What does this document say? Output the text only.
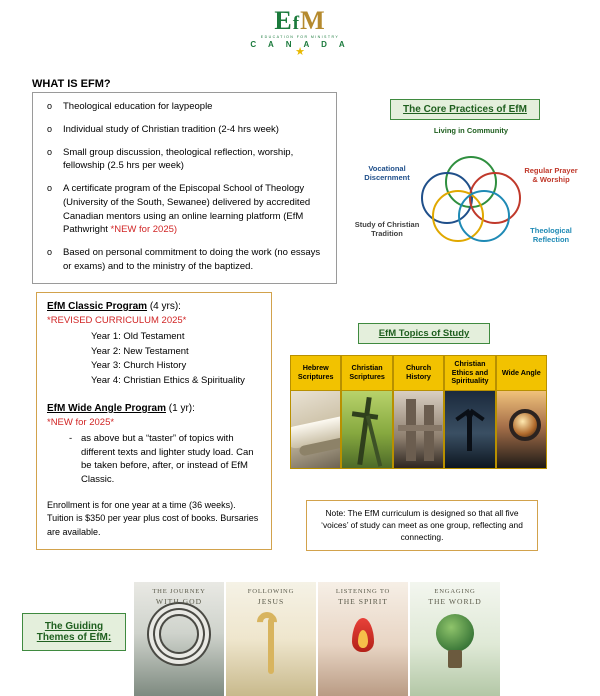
EfM
EDUCATION FOR MINISTRY
C A N A D A
★
WHAT IS EFM?
o Theological education for laypeople
o Individual study of Christian tradition (2-4 hrs week)
o Small group discussion, theological reflection, worship, fellowship (2.5 hrs per week)
o A certificate program of the Episcopal School of Theology (University of the South, Sewanee) delivered by accredited Canadian mentors using an online learning platform (EfM Pathwright *NEW for 2025)
o Based on personal commitment to doing the work (no essays or exams) and to the ministry of the baptized.
The Core Practices of EfM
Living in Community
Vocational Discernment
Regular Prayer & Worship
Study of Christian Tradition	Theological Reflection
EfM Classic Program (4 yrs):
*REVISED CURRICULUM 2025*
Year 1: Old Testament
Year 2: New Testament
Year 3: Church History
Year 4: Christian Ethics & Spirituality
EfM Wide Angle Program (1 yr):
*NEW for 2025*
- as above but a “taster” of topics with different texts and lighter study load. Can be taken before, after, or instead of EfM Classic.
Enrollment is for one year at a time (36 weeks). Tuition is $350 per year plus cost of books. Bursaries are available.
EfM Topics of Study
Hebrew Scriptures
Christian Scriptures
Church History
Christian Ethics and Spirituality
Wide Angle
Note: The EfM curriculum is designed so that all five ‘voices’ of study can meet as one group, reflecting and connecting.
The Guiding Themes of EfM:
THE JOURNEY
WITH GOD
FOLLOWING
JESUS
LISTENING TO
THE SPIRIT
ENGAGING
THE WORLD
